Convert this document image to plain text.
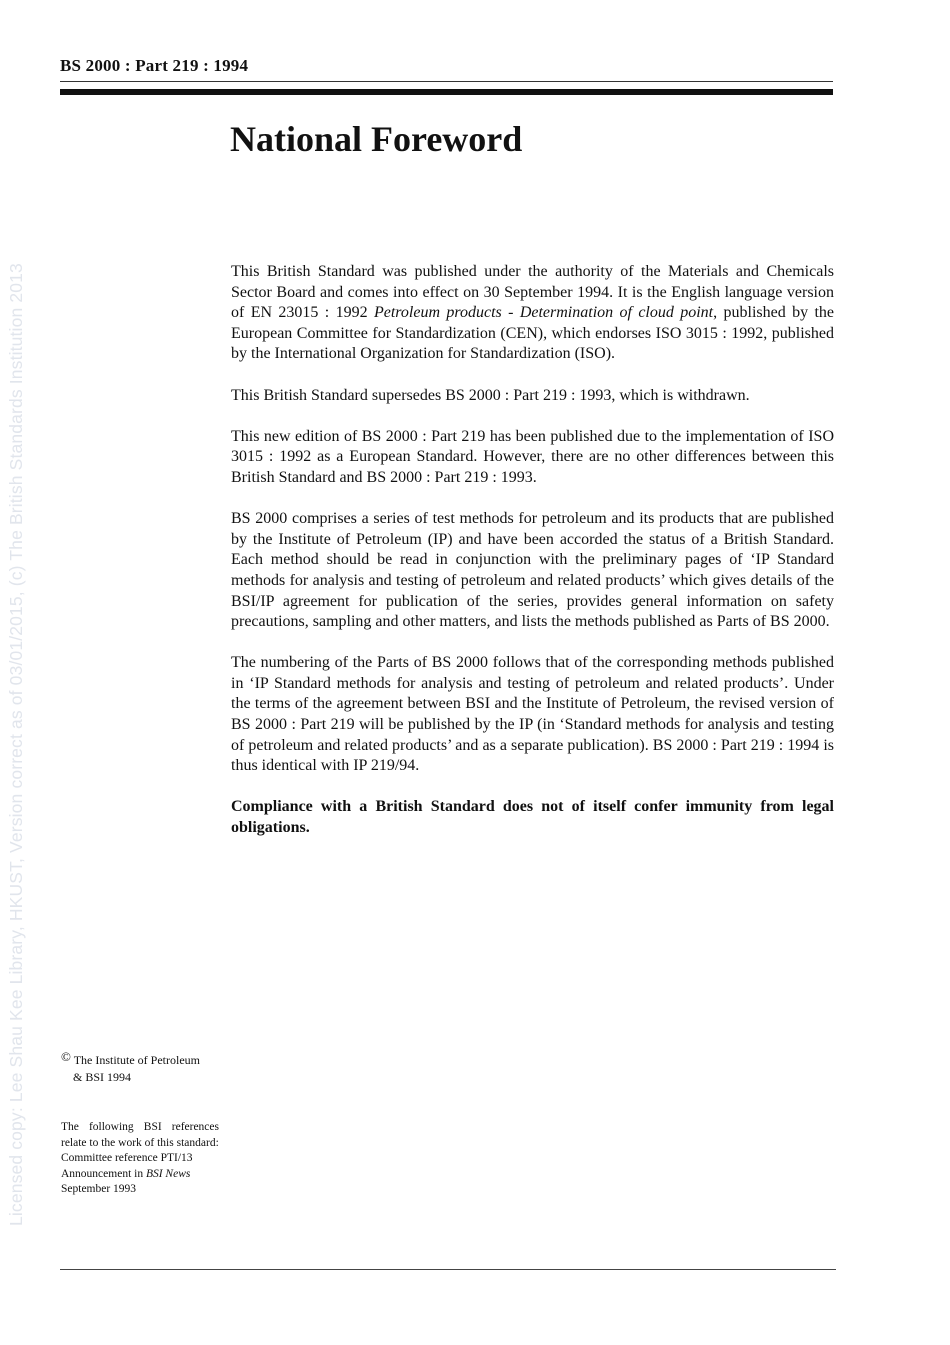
Licensed copy: Lee Shau Kee Library, HKUST, Version correct as of 03/01/2015, (c) The British Standards Institution 2013
BS 2000 : Part 219 : 1994
National Foreword

This British Standard was published under the authority of the Materials and Chemicals Sector Board and comes into effect on 30 September 1994. It is the English language version of EN 23015 : 1992 Petroleum products - Determination of cloud point, published by the European Committee for Standardization (CEN), which endorses ISO 3015 : 1992, published by the International Organization for Standardization (ISO).

This British Standard supersedes BS 2000 : Part 219 : 1993, which is withdrawn.

This new edition of BS 2000 : Part 219 has been published due to the implementation of ISO 3015 : 1992 as a European Standard. However, there are no other differences between this British Standard and BS 2000 : Part 219 : 1993.

BS 2000 comprises a series of test methods for petroleum and its products that are published by the Institute of Petroleum (IP) and have been accorded the status of a British Standard. Each method should be read in conjunction with the preliminary pages of ‘IP Standard methods for analysis and testing of petroleum and related products’ which gives details of the BSI/IP agreement for publication of the series, provides general information on safety precautions, sampling and other matters, and lists the methods published as Parts of BS 2000.

The numbering of the Parts of BS 2000 follows that of the corresponding methods published in ‘IP Standard methods for analysis and testing of petroleum and related products’. Under the terms of the agreement between BSI and the Institute of Petroleum, the revised version of BS 2000 : Part 219 will be published by the IP (in ‘Standard methods for analysis and testing of petroleum and related products’ and as a separate publication). BS 2000 : Part 219 : 1994 is thus identical with IP 219/94.

Compliance with a British Standard does not of itself confer immunity from legal obligations.

© The Institute of Petroleum
& BSI 1994
The following BSI references relate to the work of this standard:
Committee reference PTI/13
Announcement in BSI News
September 1993
